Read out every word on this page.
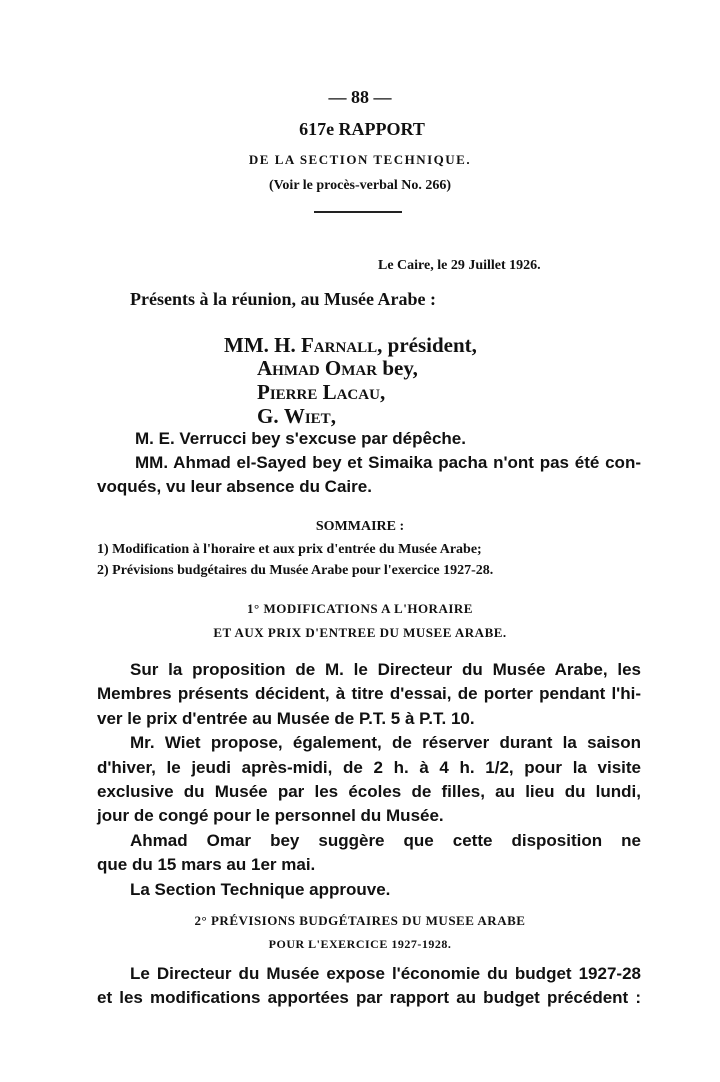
— 88 —
617e RAPPORT
DE LA SECTION TECHNIQUE.
(Voir le procès-verbal No. 266)
Le Caire, le 29 Juillet 1926.
Présents à la réunion, au Musée Arabe :
MM. H. Farnall, président,
Ahmad Omar bey,
Pierre Lacau,
G. Wiet,
M. E. Verrucci bey s'excuse par dépêche.
MM. Ahmad el-Sayed bey et Simaika pacha n'ont pas été con-
voqués, vu leur absence du Caire.
SOMMAIRE :
1) Modification à l'horaire et aux prix d'entrée du Musée Arabe;
2) Prévisions budgétaires du Musée Arabe pour l'exercice 1927-28.
1° MODIFICATIONS A L'HORAIRE
ET AUX PRIX D'ENTREE DU MUSEE ARABE.
Sur la proposition de M. le Directeur du Musée Arabe, les
Membres présents décident, à titre d'essai, de porter pendant l'hi-
ver le prix d'entrée au Musée de P.T. 5 à P.T. 10.
Mr. Wiet propose, également, de réserver durant la saison
d'hiver, le jeudi après-midi, de 2 h. à 4 h. 1/2, pour la visite
exclusive du Musée par les écoles de filles, au lieu du lundi,
jour de congé pour le personnel du Musée.
Ahmad Omar bey suggère que cette disposition ne
que du 15 mars au 1er mai.
La Section Technique approuve.
2° PRÉVISIONS BUDGÉTAIRES DU MUSEE ARABE
POUR L'EXERCICE 1927-1928.
Le Directeur du Musée expose l'économie du budget 1927-28
et les modifications apportées par rapport au budget précédent :
